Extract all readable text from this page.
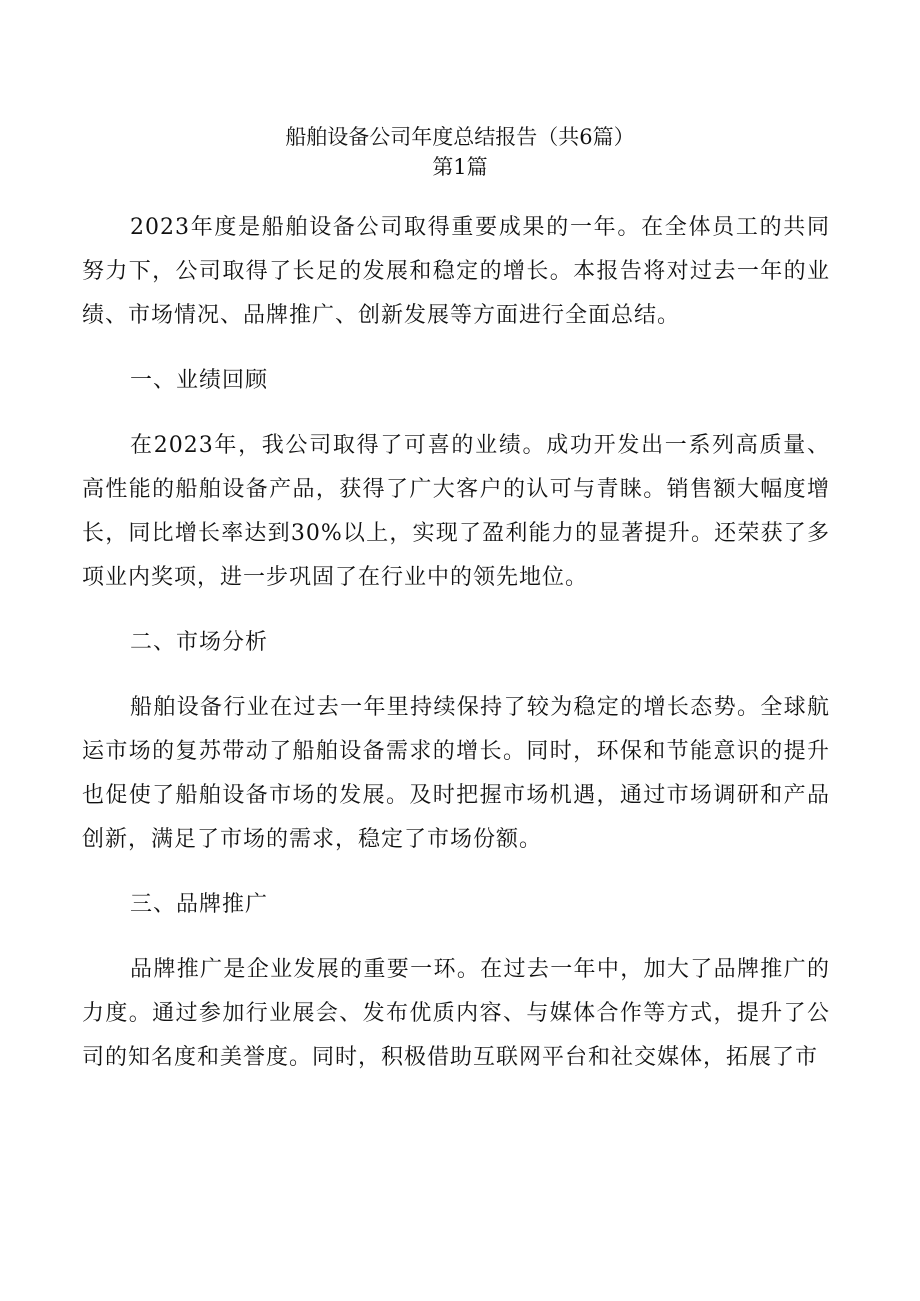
船舶设备公司年度总结报告（共6篇）
第1篇

2023年度是船舶设备公司取得重要成果的一年。在全体员工的共同努力下，公司取得了长足的发展和稳定的增长。本报告将对过去一年的业绩、市场情况、品牌推广、创新发展等方面进行全面总结。

一、业绩回顾

在2023年，我公司取得了可喜的业绩。成功开发出一系列高质量、高性能的船舶设备产品，获得了广大客户的认可与青睐。销售额大幅度增长，同比增长率达到30%以上，实现了盈利能力的显著提升。还荣获了多项业内奖项，进一步巩固了在行业中的领先地位。

二、市场分析

船舶设备行业在过去一年里持续保持了较为稳定的增长态势。全球航运市场的复苏带动了船舶设备需求的增长。同时，环保和节能意识的提升也促使了船舶设备市场的发展。及时把握市场机遇，通过市场调研和产品创新，满足了市场的需求，稳定了市场份额。

三、品牌推广

品牌推广是企业发展的重要一环。在过去一年中，加大了品牌推广的力度。通过参加行业展会、发布优质内容、与媒体合作等方式，提升了公司的知名度和美誉度。同时，积极借助互联网平台和社交媒体，拓展了市
